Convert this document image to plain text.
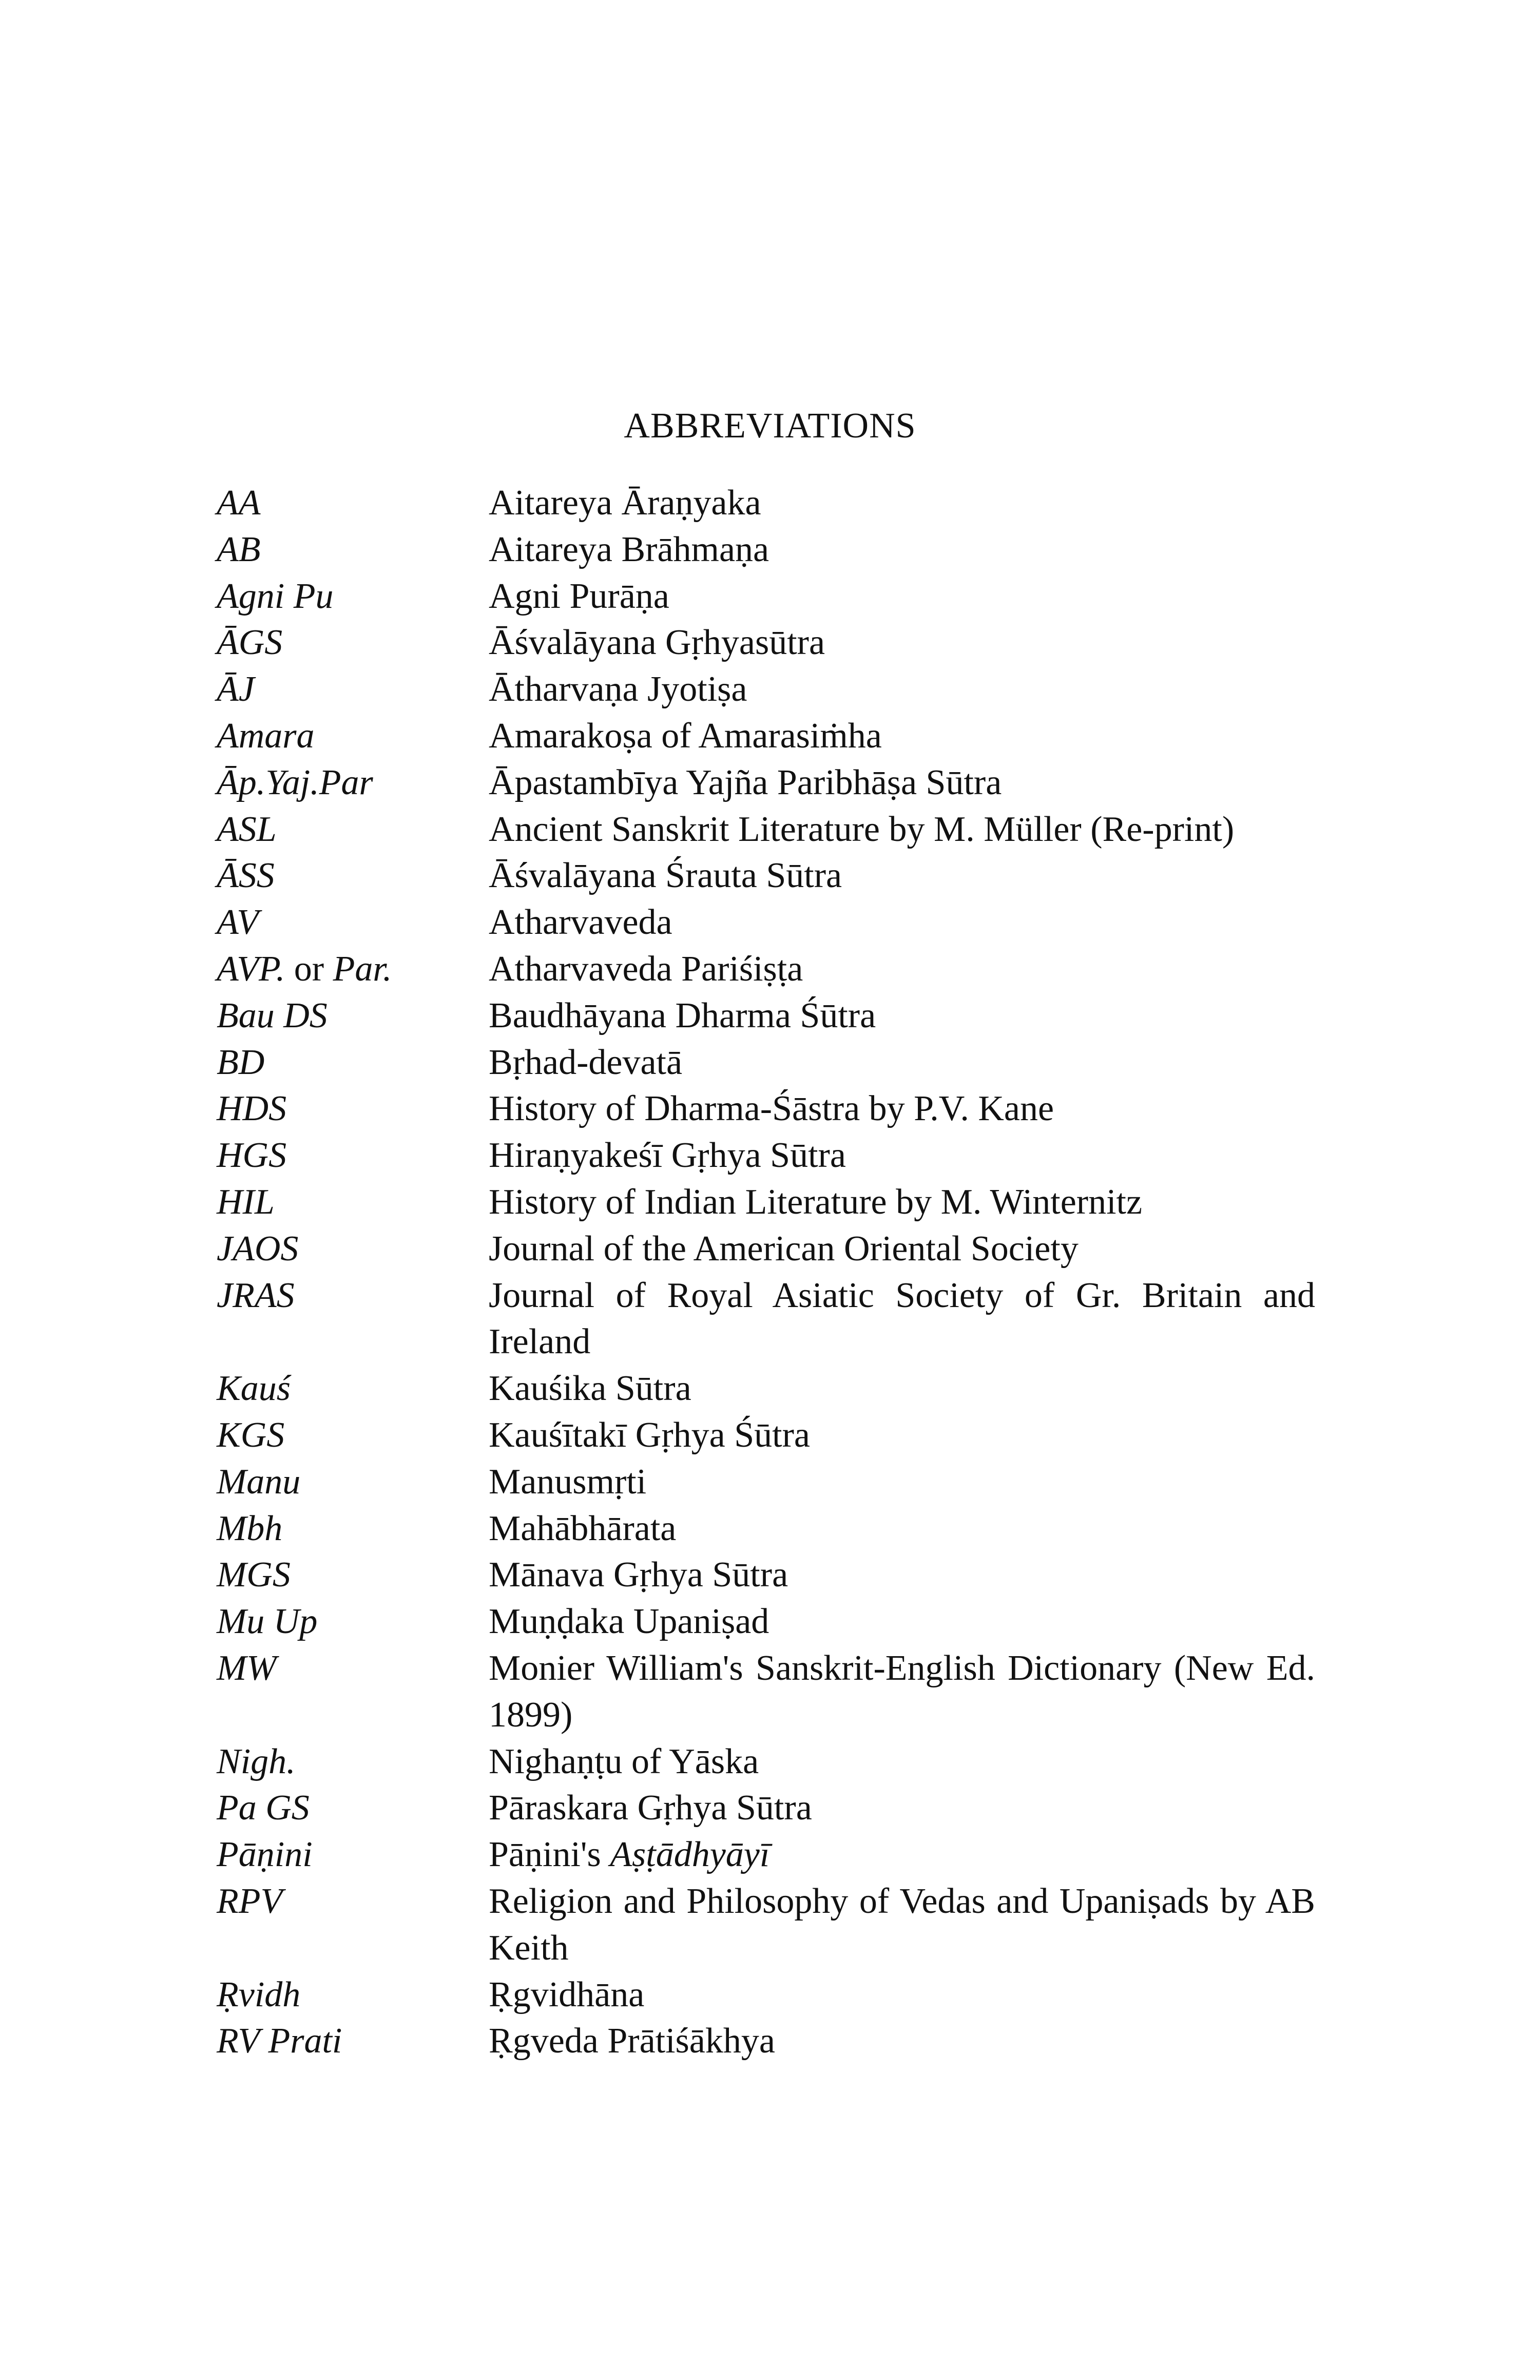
ABBREVIATIONS
AA	Aitareya Āraṇyaka
AB	Aitareya Brāhmaṇa
Agni Pu	Agni Purāṇa
ĀGS	Āśvalāyana Gṛhyasūtra
ĀJ	Ātharvaṇa Jyotiṣa
Amara	Amarakoṣa of Amarasiṁha
Āp.Yaj.Par	Āpastambīya Yajña Paribhāṣa Sūtra
ASL	Ancient Sanskrit Literature by M. Müller (Re-print)
ĀSS	Āśvalāyana Śrauta Sūtra
AV	Atharvaveda
AVP. or Par.	Atharvaveda Pariśiṣṭa
Bau DS	Baudhāyana Dharma Śūtra
BD	Bṛhad-devatā
HDS	History of Dharma-Śāstra by P.V. Kane
HGS	Hiraṇyakeśī Gṛhya Sūtra
HIL	History of Indian Literature by M. Winternitz
JAOS	Journal of the American Oriental Society
JRAS	Journal of Royal Asiatic Society of Gr. Britain and Ireland
Kauś	Kauśika Sūtra
KGS	Kauśītakī Gṛhya Śūtra
Manu	Manusmṛti
Mbh	Mahābhārata
MGS	Mānava Gṛhya Sūtra
Mu Up	Muṇḍaka Upaniṣad
MW	Monier William's Sanskrit-English Dictionary (New Ed. 1899)
Nigh.	Nighaṇṭu of Yāska
Pa GS	Pāraskara Gṛhya Sūtra
Pāṇini	Pāṇini's Aṣṭādhyāyī
RPV	Religion and Philosophy of Vedas and Upaniṣads by AB Keith
Ṛvidh	Ṛgvidhāna
RV Prati	Ṛgveda Prātiśākhya
